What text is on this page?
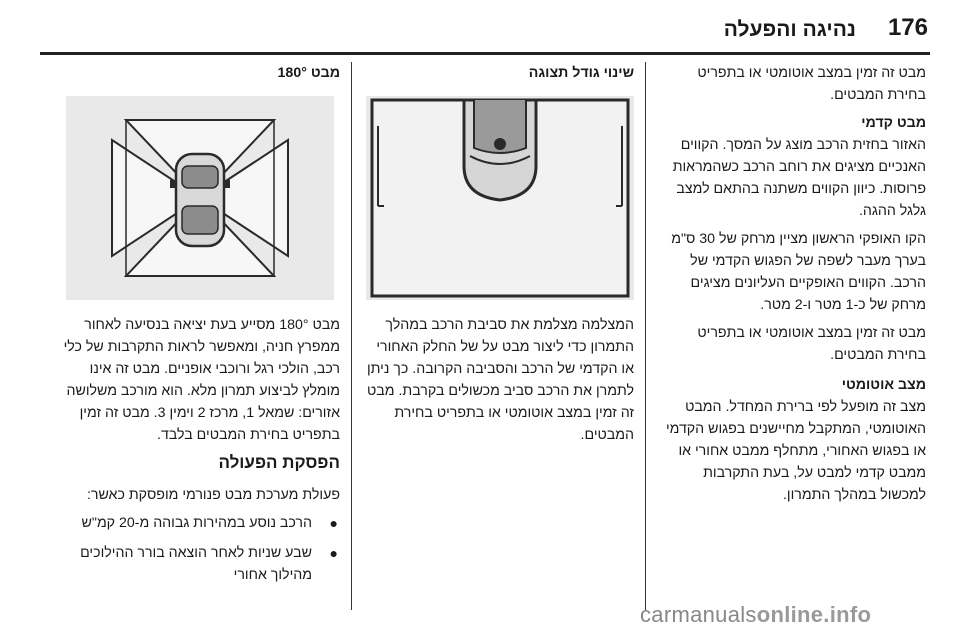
נהיגה והפעלה 176

מבט זה זמין במצב אוטומטי או בתפריט בחירת המבטים.

מבט קדמי

האזור בחזית הרכב מוצג על המסך. הקווים האנכיים מציגים את רוחב הרכב כשהמראות פרוסות. כיוון הקווים משתנה בהתאם למצב גלגל ההגה.

הקו האופקי הראשון מציין מרחק של 30 ס"מ בערך מעבר לשפה של הפגוש הקדמי של הרכב. הקווים האופקיים העליונים מציגים מרחק של כ-1 מטר ו-2 מטר.

מבט זה זמין במצב אוטומטי או בתפריט בחירת המבטים.

מצב אוטומטי

מצב זה מופעל לפי ברירת המחדל. המבט האוטומטי, המתקבל מחיישנים בפגוש הקדמי או בפגוש האחורי, מתחלף ממבט אחורי או ממבט קדמי למבט על, בעת התקרבות למכשול במהלך התמרון.

שינוי גודל תצוגה

המצלמה מצלמת את סביבת הרכב במהלך התמרון כדי ליצור מבט על של החלק האחורי או הקדמי של הרכב והסביבה הקרובה. כך ניתן לתמרן את הרכב סביב מכשולים בקרבת. מבט זה זמין במצב אוטומטי או בתפריט בחירת המבטים.

מבט 180°

מבט 180° מסייע בעת יציאה בנסיעה לאחור ממפרץ חניה, ומאפשר לראות התקרבות של כלי רכב, הולכי רגל ורוכבי אופניים. מבט זה אינו מומלץ לביצוע תמרון מלא. הוא מורכב משלושה אזורים: שמאל 1, מרכז 2 וימין 3. מבט זה זמין בתפריט בחירת המבטים בלבד.

הפסקת הפעולה

פעולת מערכת מבט פנורמי מופסקת כאשר:

●
הרכב נוסע במהירות גבוהה מ-20 קמ"ש
●
שבע שניות לאחר הוצאה בורר ההילוכים מהילוך אחורי
carmanualsonline.info
